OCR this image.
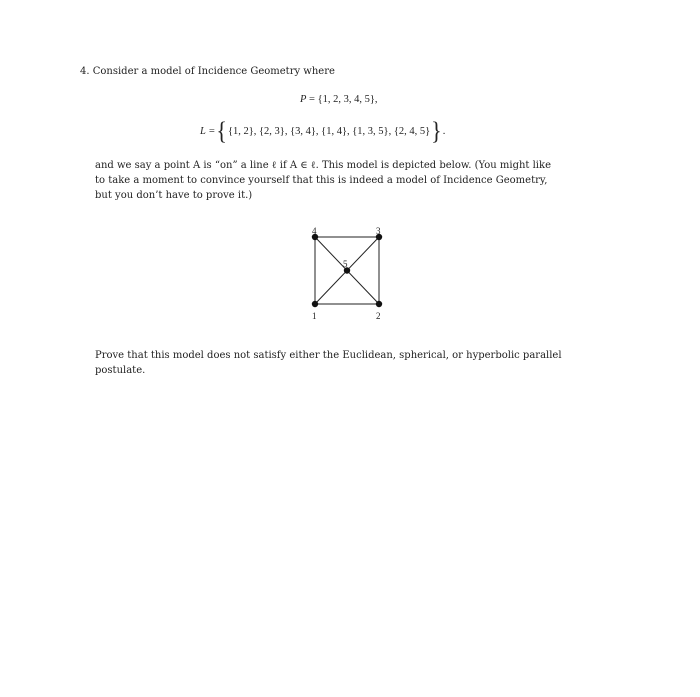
4. Consider a model of Incidence Geometry where
P = {1, 2, 3, 4, 5},
L = { {1, 2}, {2, 3}, {3, 4}, {1, 4}, {1, 3, 5}, {2, 4, 5} } .

and we say a point A is “on” a line ℓ if A ∈ ℓ. This model is depicted below. (You might like

to take a moment to convince yourself that this is indeed a model of Incidence Geometry,

but you don’t have to prove it.)

1	2
3
4
5

Prove that this model does not satisfy either the Euclidean, spherical, or hyperbolic parallel

postulate.
